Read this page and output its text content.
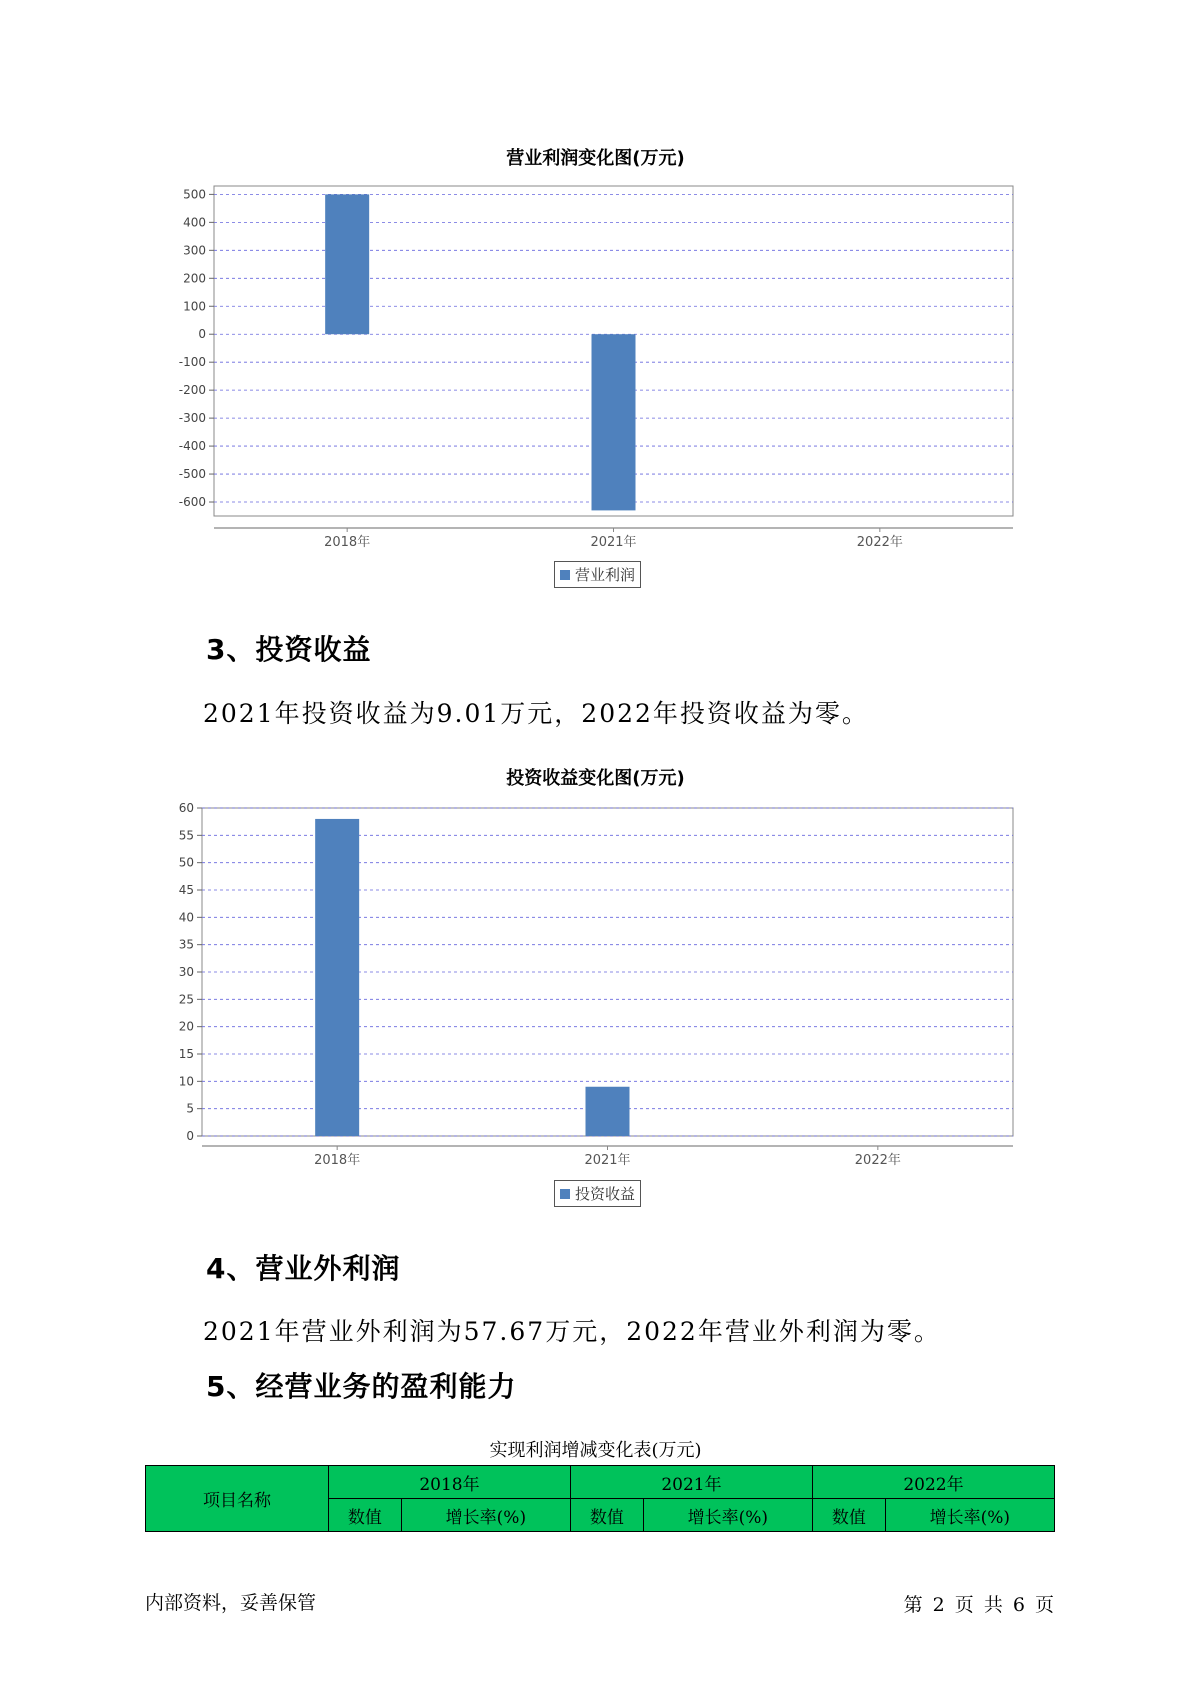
营业利润变化图(万元)
500
400
300
200
100
0
-100
-200
-300
-400
-500
-600
2018年	2021年	2022年
营业利润
3、投资收益
2021年投资收益为9.01万元，2022年投资收益为零。
投资收益变化图(万元)
60
55
50
45
40
35
30
25
20
15
10
5
0
2018年	2021年	2022年
投资收益
4、营业外利润
2021年营业外利润为57.67万元，2022年营业外利润为零。
5、经营业务的盈利能力
实现利润增减变化表(万元)
项目名称	2018年		2021年		2022年	
	数值	增长率(%)	数值	增长率(%)	数值	增长率(%)
内部资料，妥善保管	第 2 页 共 6 页
